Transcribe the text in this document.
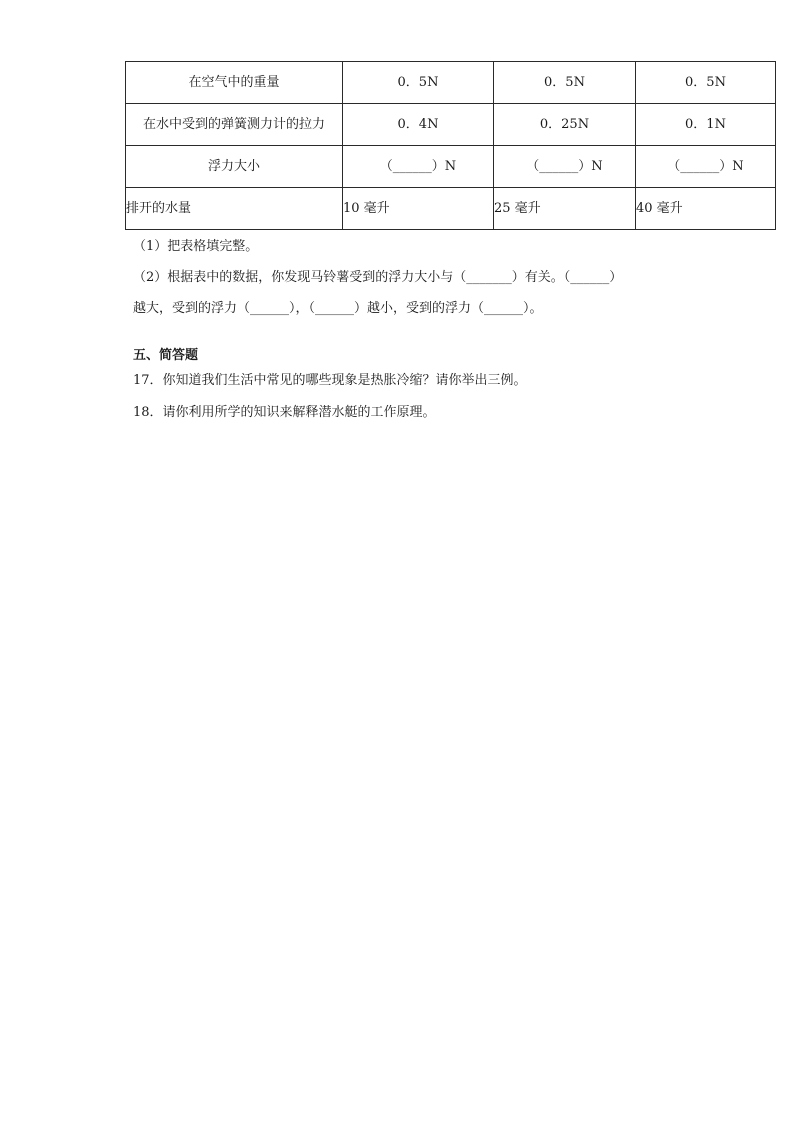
在空气中的重量	0．5N	0．5N	0．5N
在水中受到的弹簧测力计的拉力	0．4N	0．25N	0．1N
浮力大小	（______）N	（______）N	（______）N
排开的水量	10 毫升	25 毫升	40 毫升
（1）把表格填完整。
（2）根据表中的数据，你发现马铃薯受到的浮力大小与（_______）有关。（______）
越大，受到的浮力（______），（______）越小，受到的浮力（______）。
五、简答题
17．你知道我们生活中常见的哪些现象是热胀冷缩？请你举出三例。
18．请你利用所学的知识来解释潜水艇的工作原理。
